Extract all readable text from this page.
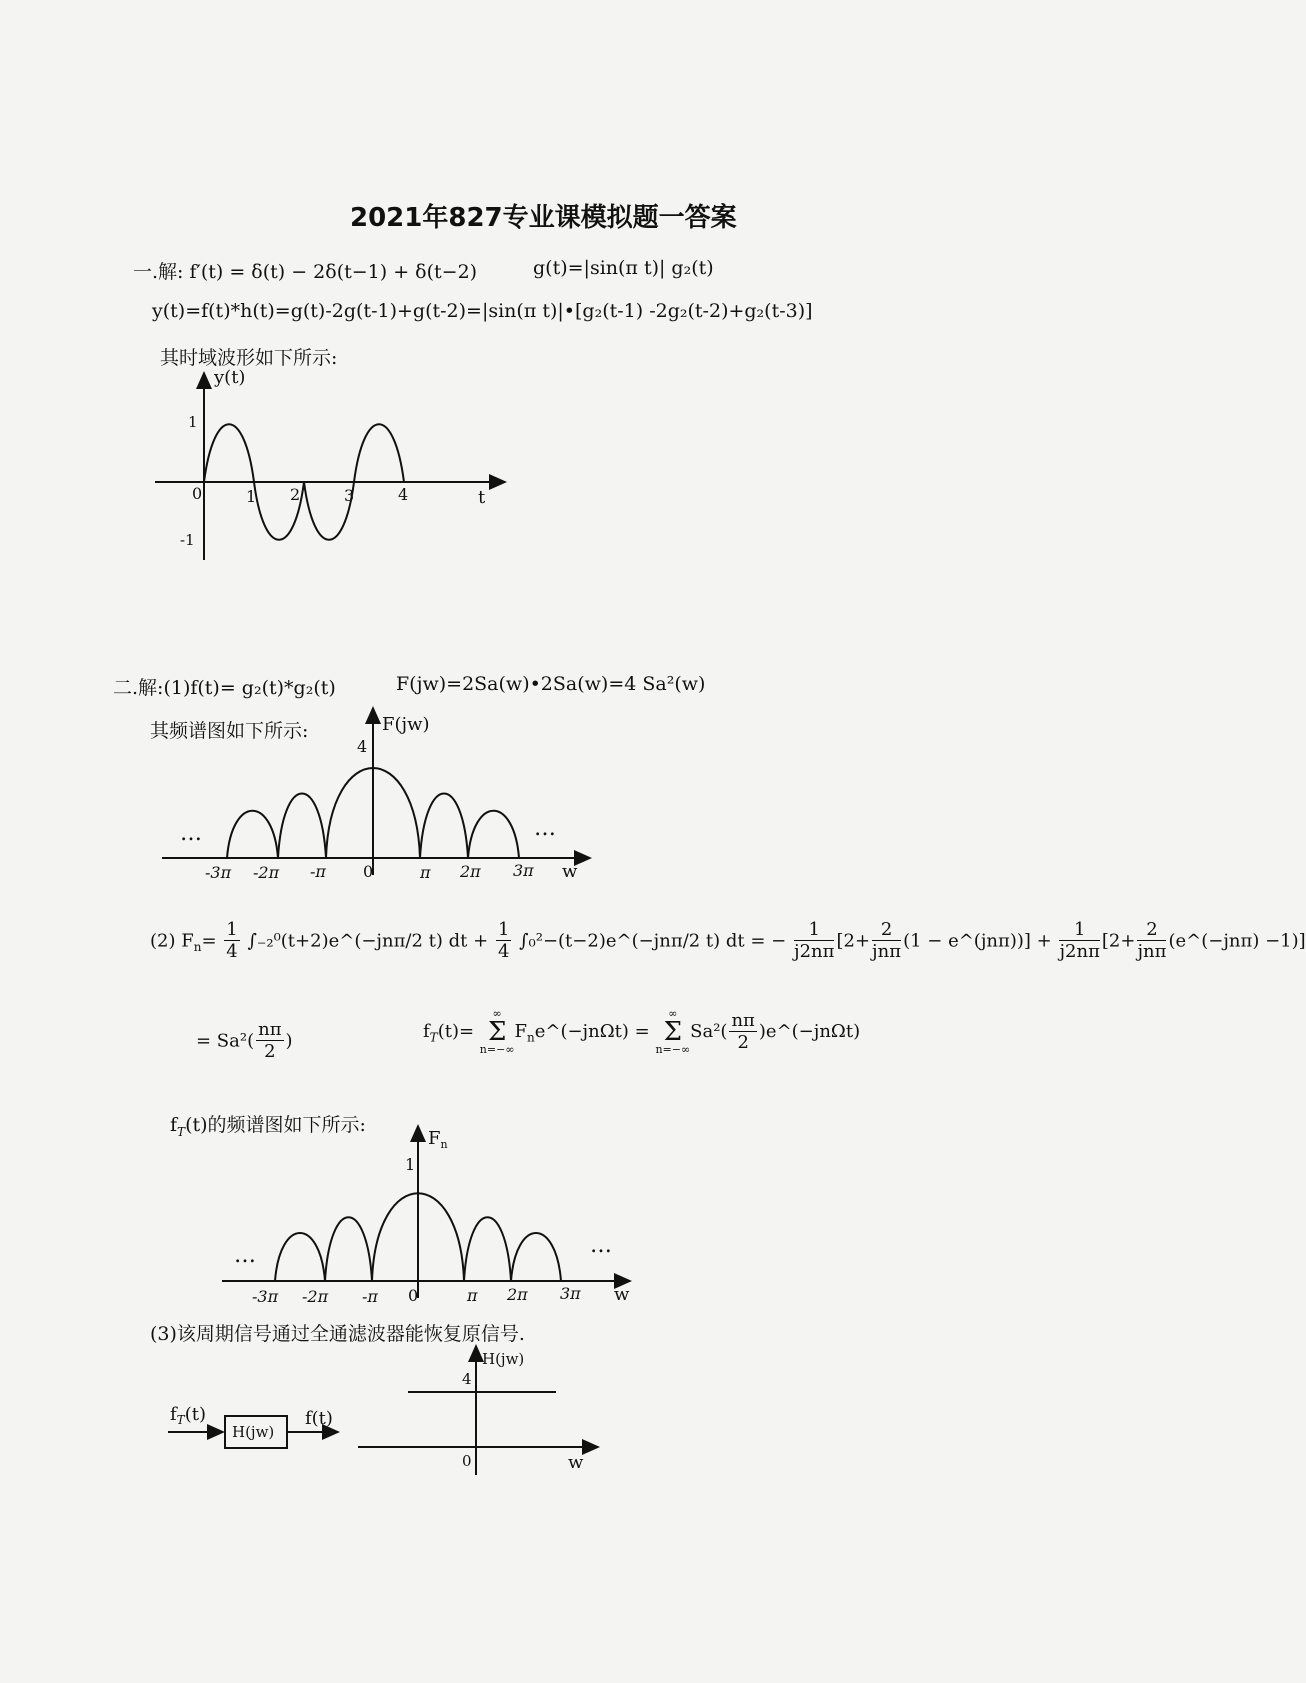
2021年827专业课模拟题一答案
一.解: f′(t) = δ(t) − 2δ(t−1) + δ(t−2)	g(t)=|sin(π t)| g₂(t)
y(t)=f(t)*h(t)=g(t)-2g(t-1)+g(t-2)=|sin(π t)|•[g₂(t-1) -2g₂(t-2)+g₂(t-3)]
其时域波形如下所示:
y(t)
1
-1
0	1 2	3	4	t
二.解:(1)f(t)= g₂(t)*g₂(t)	F(jw)=2Sa(w)•2Sa(w)=4 Sa²(w)
其频谱图如下所示:	F(jw)
4
…	…
-3π -2π -π 0	π 2π 3π w
(2) $F_n= \frac{1}{4}$ ∫₋₂⁰(t+2)e^(−jnπ/2 t) dt + $\frac{1}{4}$ ∫₀²−(t−2)e^(−jnπ/2 t) dt = − $\frac{1}{j2n\pi} [2+ \frac{2}{\text{jnπ}} (1$ − e^(jnπ))] + $\frac{1}{j2n\pi} [2+ \frac{2}{\text{jnπ}}$ (e^(−jnπ) −1)]
= $Sa^2( \frac{n\pi}{2}$ )	$f_T(t)=$ ∞
Σ
$n=-\infty F_ne\^{}(-jn\Omega t)$ = ∞
Σ
$n=-\infty Sa^2( \frac{n\pi}{2}$ )e^(−jnΩt)
$f_T(t)$的频谱图如下所示:
$F_n$
1
…	…
-3π -2π -π 0	π 2π 3π w
(3)该周期信号通过全通滤波器能恢复原信号.
$f_T(t)$
H(jw)
f(t)
H(jw)
4
0	w
